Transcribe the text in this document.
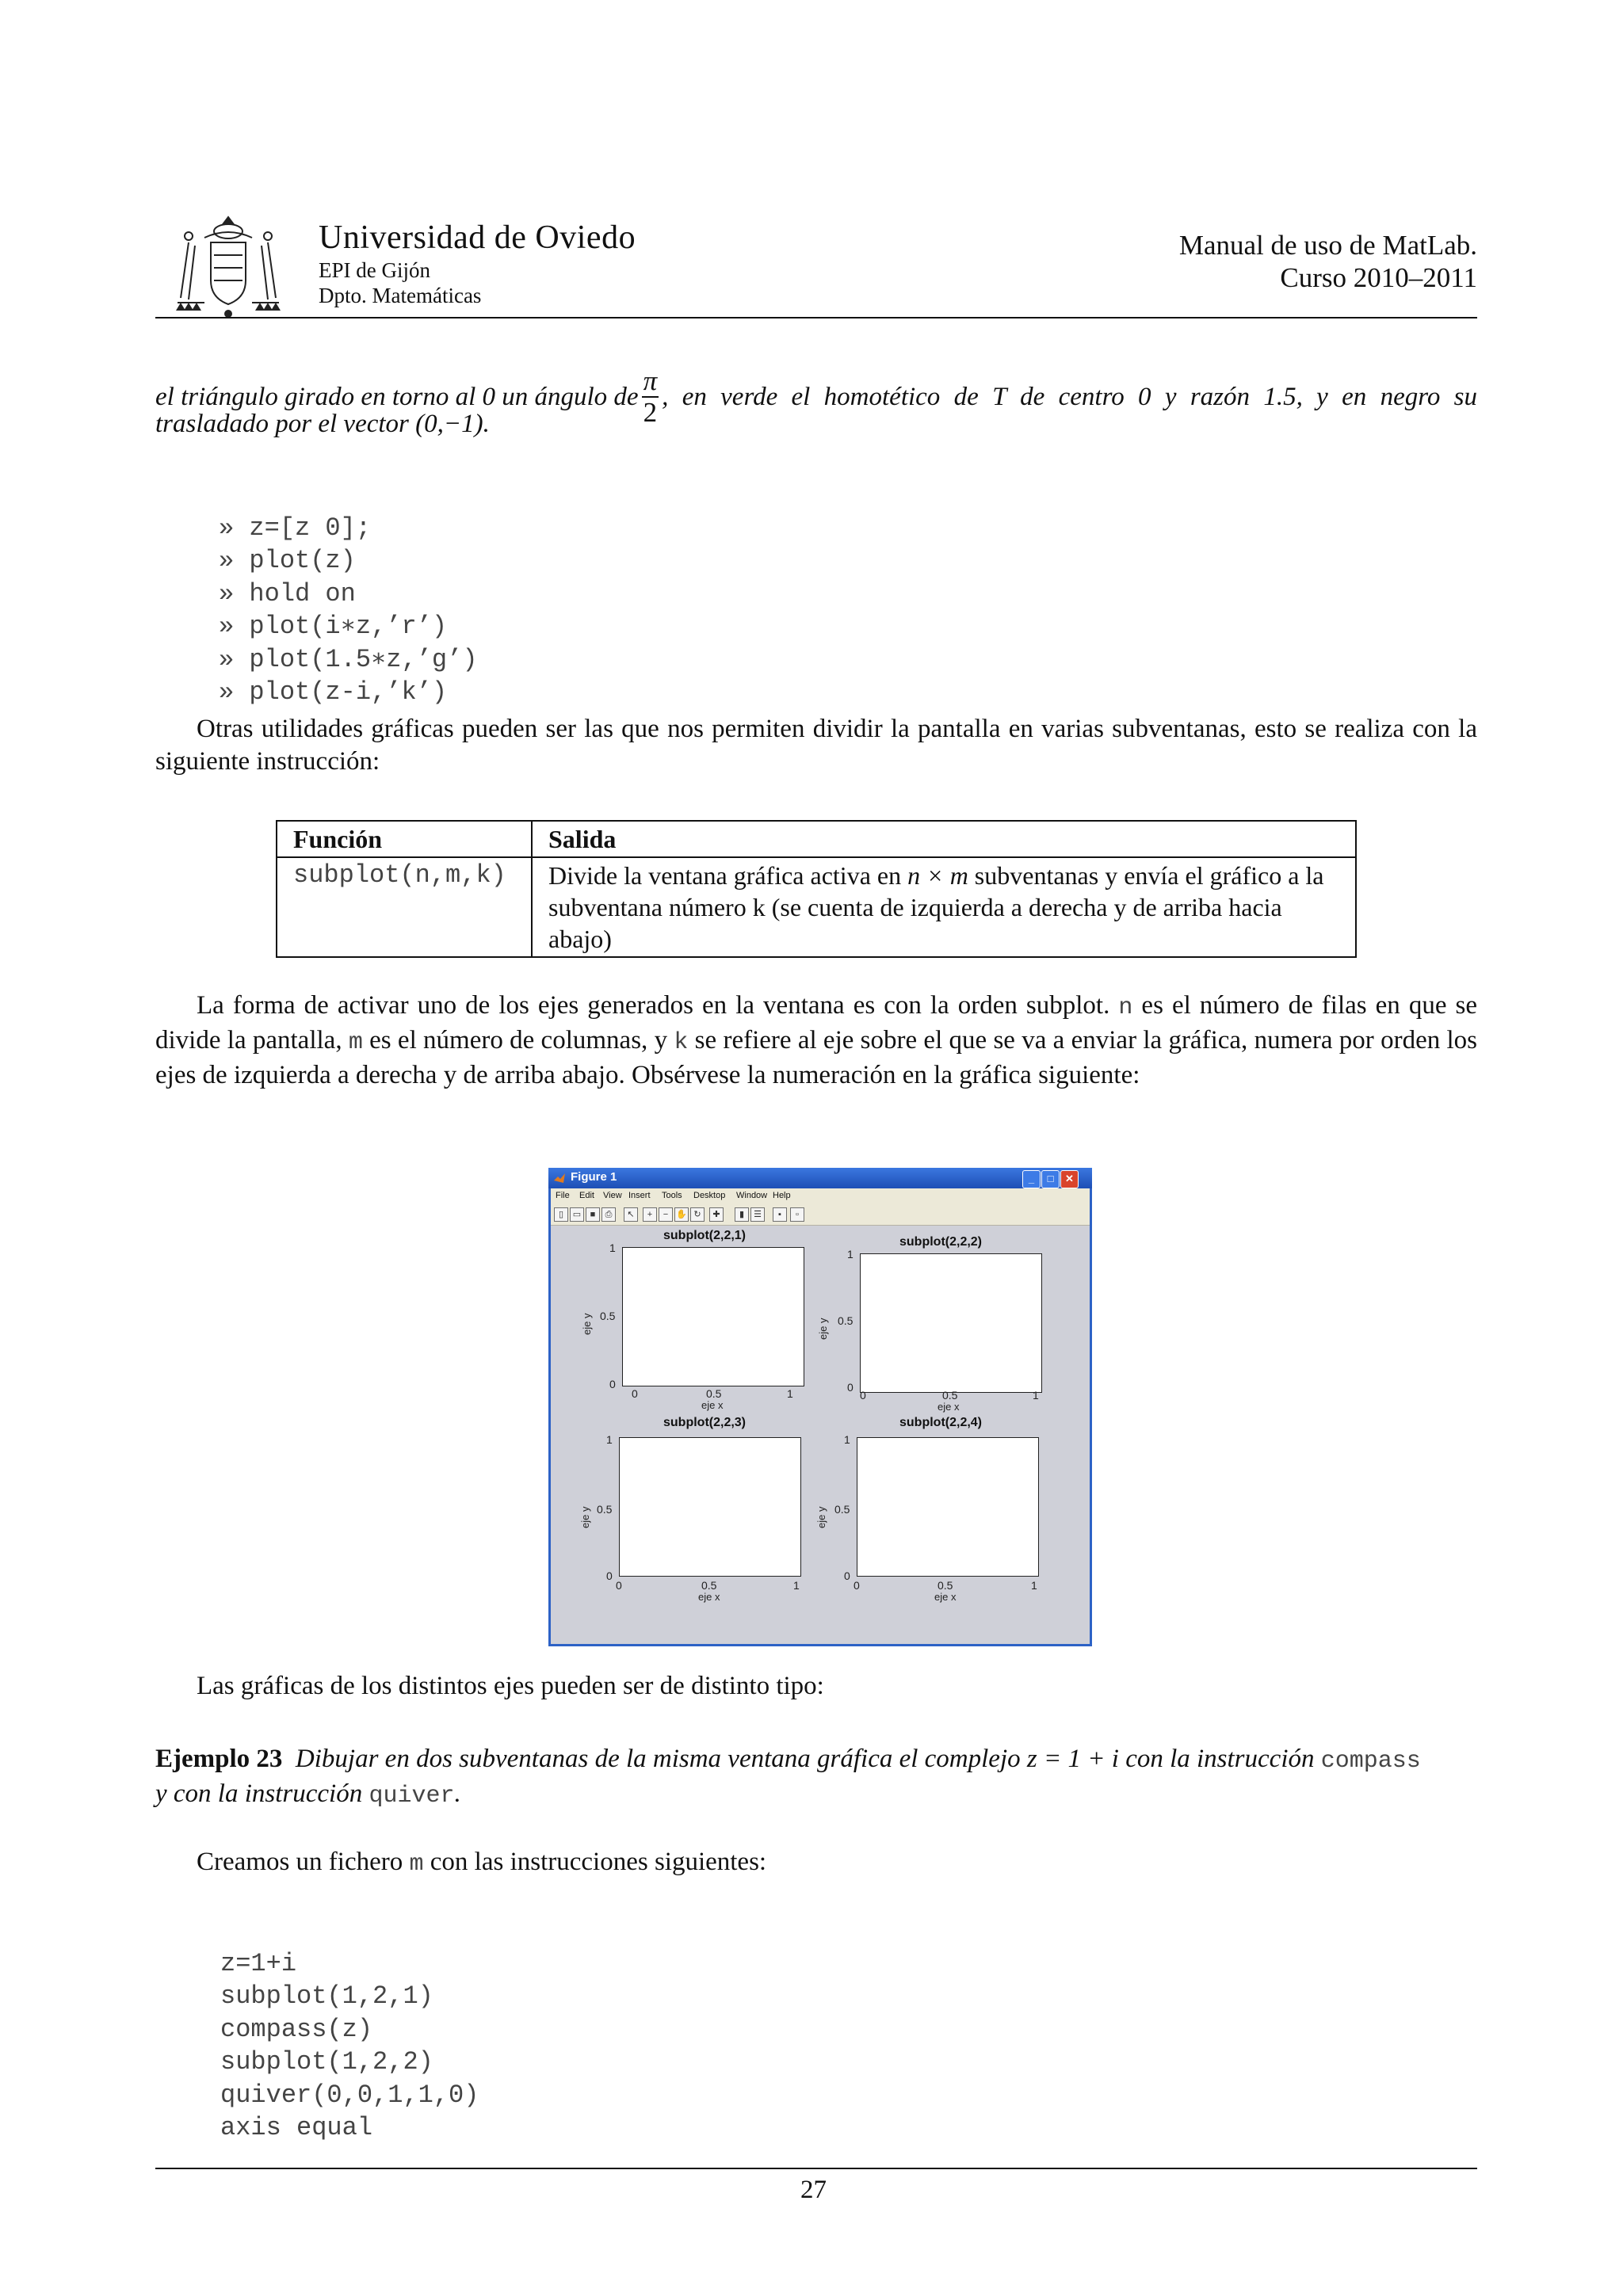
Universidad de Oviedo
EPI de Gijón
Dpto. Matemáticas
Manual de uso de MatLab.
Curso 2010–2011
el triángulo girado en torno al 0 un ángulo de $\frac{\pi}{2}$ , en verde el homotético de T de centro 0 y razón 1.5, y en negro su
trasladado por el vector (0,−1).

» z=[z 0];
» plot(z)
» hold on
» plot(i∗z,’r’)
» plot(1.5∗z,’g’)
» plot(z-i,’k’)

Otras utilidades gráficas pueden ser las que nos permiten dividir la pantalla en varias subventanas, esto se realiza con la siguiente instrucción:
Función	Salida
subplot(n,m,k)	Divide la ventana gráfica activa en n × m subventanas y envía el gráfico a la subventana número k (se cuenta de izquierda a derecha y de arriba hacia abajo)
La forma de activar uno de los ejes generados en la ventana es con la orden subplot. n es el número de filas en que se divide la pantalla, m es el número de columnas, y k se refiere al eje sobre el que se va a enviar la gráfica, numera por orden los ejes de izquierda a derecha y de arriba abajo. Obsérvese la numeración en la gráfica siguiente:
Figure 1	_	□	✕
File Edit View Insert Tools Desktop Window Help
▯	▭	■	⎙	↖	+	− ✋ ↻	✚	▮	☰	▪	▫
subplot(2,2,1)
1
0.5
0
0	0.5	1
eje x
eje y
subplot(2,2,2)
1
0.5
0
0	0.5	1
eje x
eje y
subplot(2,2,3)
1
0.5
0
0	0.5	1
eje x
eje y
subplot(2,2,4)
1
0.5
0
0	0.5	1
eje x
eje y
Las gráficas de los distintos ejes pueden ser de distinto tipo:
Ejemplo 23 Dibujar en dos subventanas de la misma ventana gráfica el complejo z = 1 + i con la instrucción compass
y con la instrucción quiver.
Creamos un fichero m con las instrucciones siguientes:

z=1+i
subplot(1,2,1)
compass(z)
subplot(1,2,2)
quiver(0,0,1,1,0)
axis equal

27
